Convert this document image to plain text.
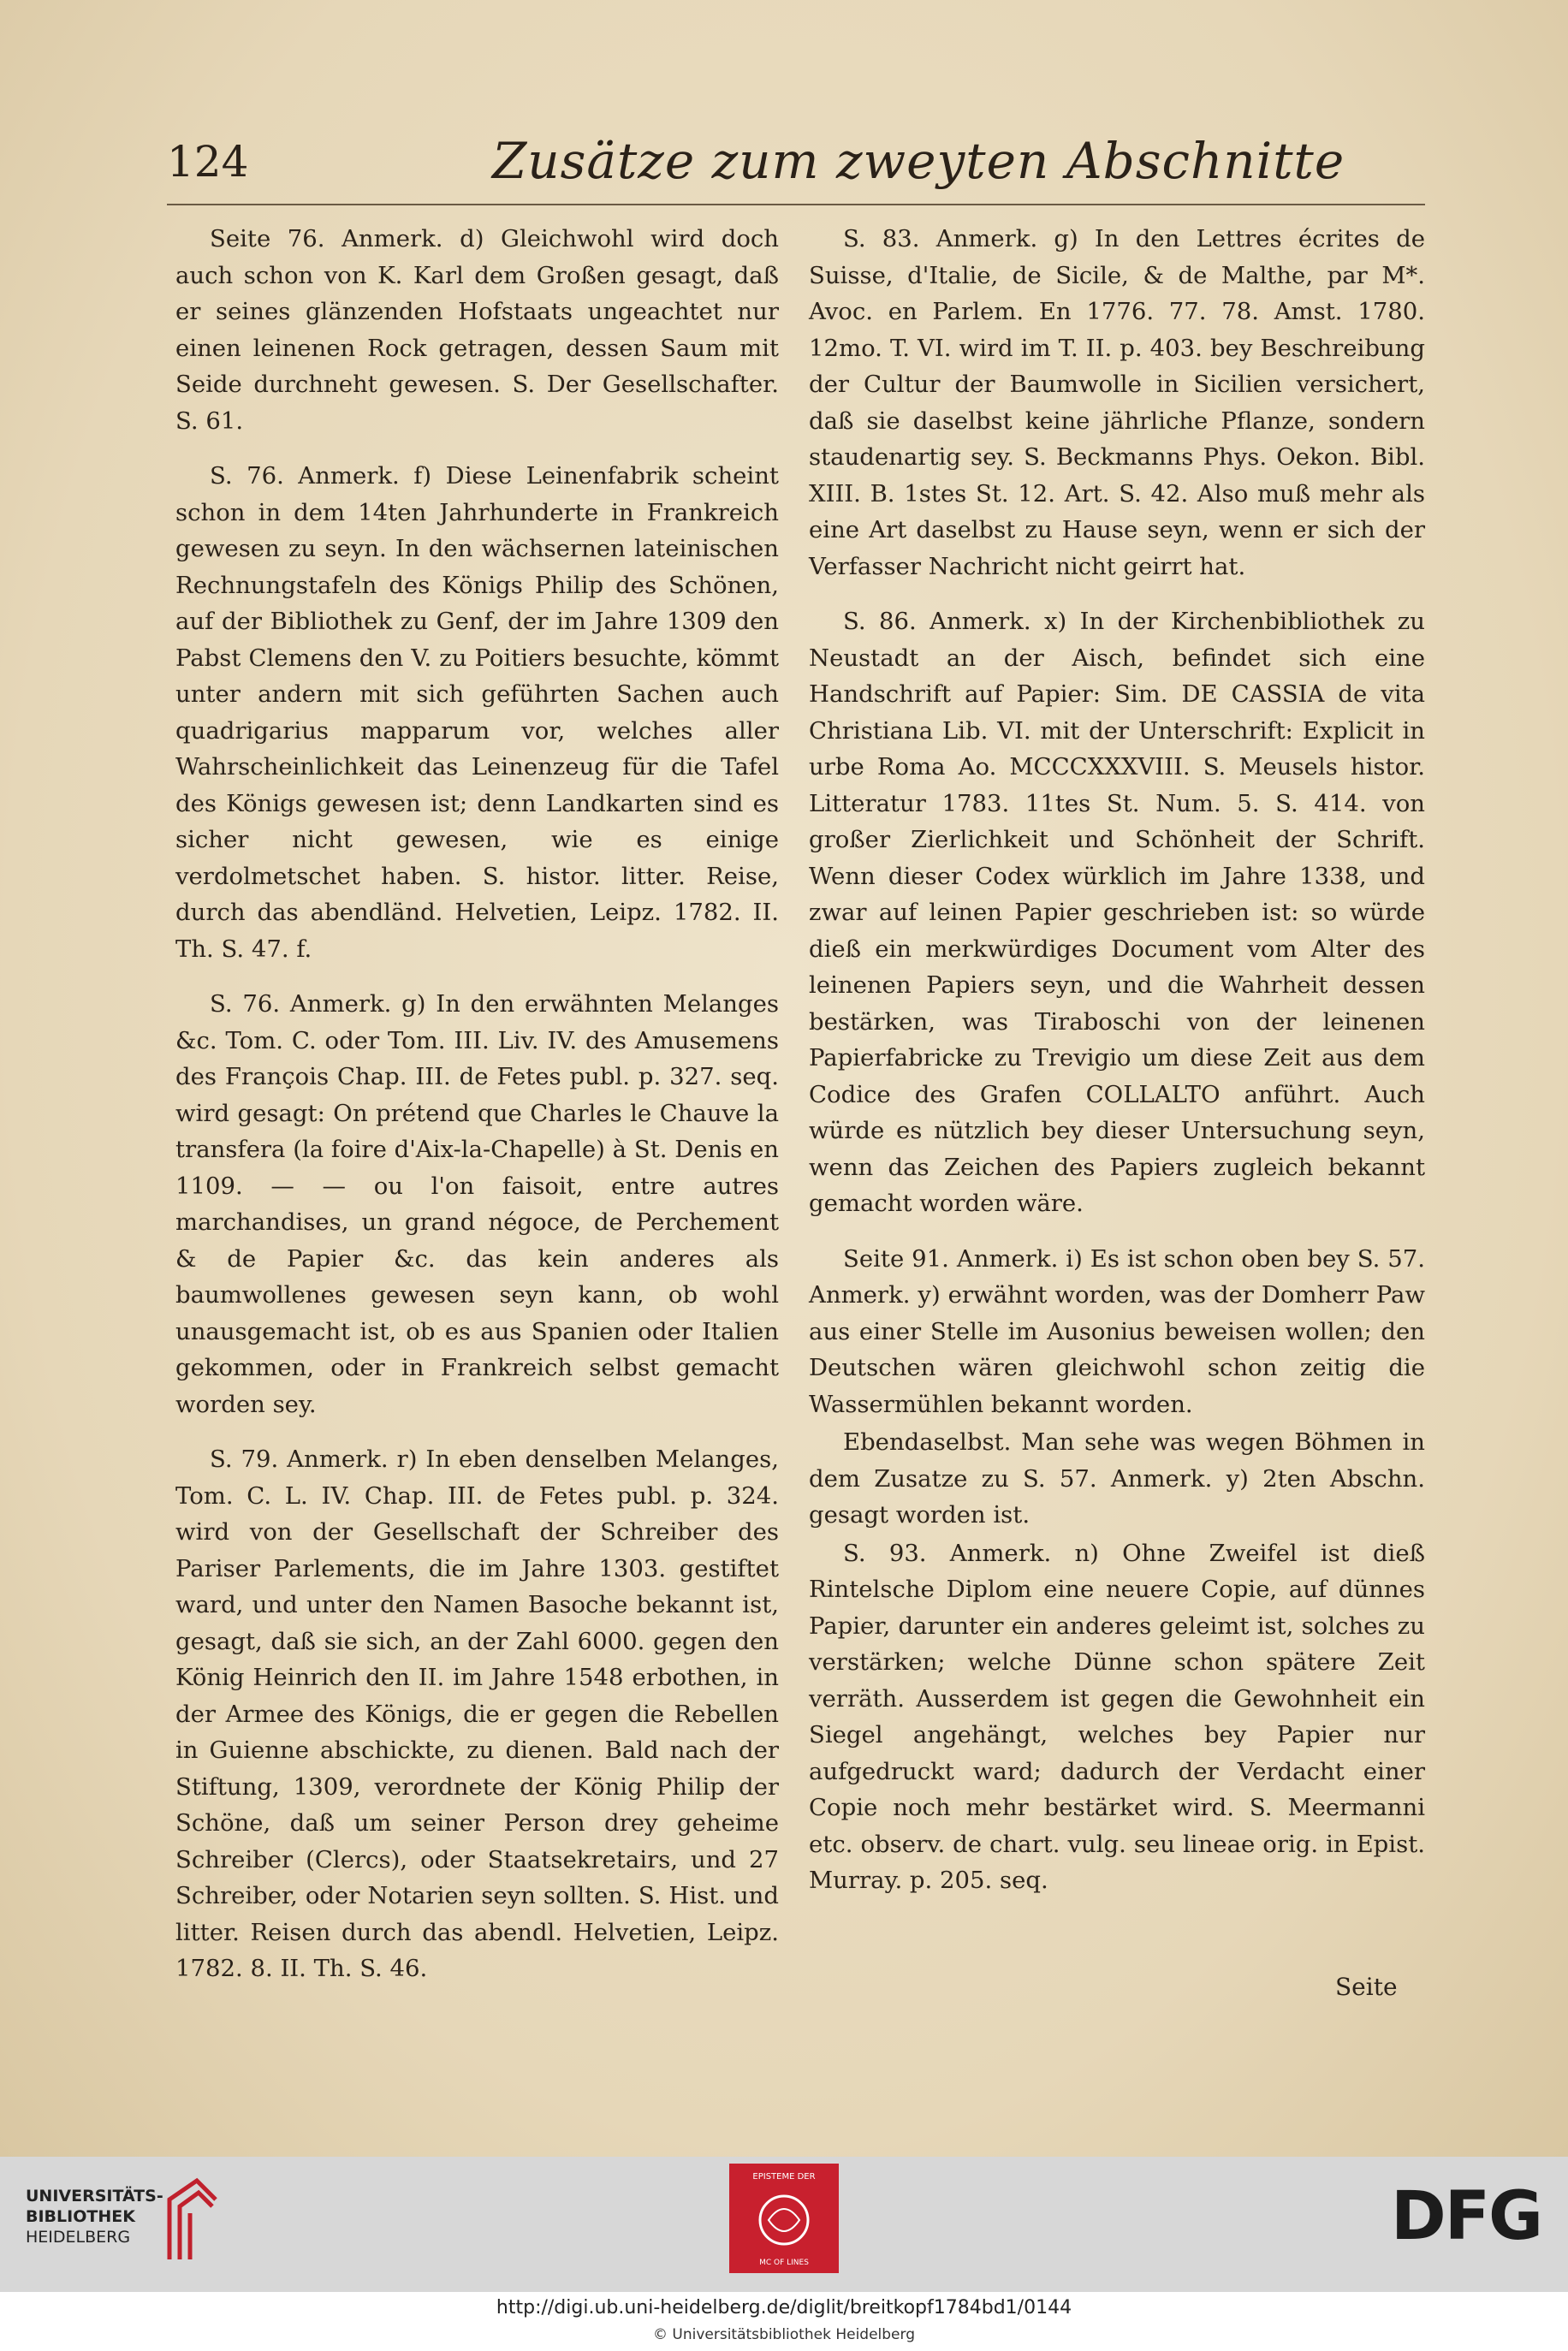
124	Zusätze zum zweyten Abschnitte

Seite 76. Anmerk. d) Gleichwohl wird doch auch schon von K. Karl dem Großen gesagt, daß er seines glänzenden Hofstaats ungeachtet nur einen leinenen Rock getragen, dessen Saum mit Seide durchneht gewesen. S. Der Gesellschafter. S. 61.

S. 76. Anmerk. f) Diese Leinenfabrik scheint schon in dem 14ten Jahrhunderte in Frankreich gewesen zu seyn. In den wächsernen lateinischen Rechnungstafeln des Königs Philip des Schönen, auf der Bibliothek zu Genf, der im Jahre 1309 den Pabst Clemens den V. zu Poitiers besuchte, kömmt unter andern mit sich geführten Sachen auch quadrigarius mapparum vor, welches aller Wahrscheinlichkeit das Leinenzeug für die Tafel des Königs gewesen ist; denn Landkarten sind es sicher nicht gewesen, wie es einige verdolmetschet haben. S. histor. litter. Reise, durch das abendländ. Helvetien, Leipz. 1782. II. Th. S. 47. f.

S. 76. Anmerk. g) In den erwähnten Melanges &c. Tom. C. oder Tom. III. Liv. IV. des Amusemens des François Chap. III. de Fetes publ. p. 327. seq. wird gesagt: On prétend que Charles le Chauve la transfera (la foire d'Aix-la-Chapelle) à St. Denis en 1109. — — ou l'on faisoit, entre autres marchandises, un grand négoce, de Perchement & de Papier &c. das kein anderes als baumwollenes gewesen seyn kann, ob wohl unausgemacht ist, ob es aus Spanien oder Italien gekommen, oder in Frankreich selbst gemacht worden sey.

S. 79. Anmerk. r) In eben denselben Melanges, Tom. C. L. IV. Chap. III. de Fetes publ. p. 324. wird von der Gesellschaft der Schreiber des Pariser Parlements, die im Jahre 1303. gestiftet ward, und unter den Namen Basoche bekannt ist, gesagt, daß sie sich, an der Zahl 6000. gegen den König Heinrich den II. im Jahre 1548 erbothen, in der Armee des Königs, die er gegen die Rebellen in Guienne abschickte, zu dienen. Bald nach der Stiftung, 1309, verordnete der König Philip der Schöne, daß um seiner Person drey geheime Schreiber (Clercs), oder Staatsekretairs, und 27 Schreiber, oder Notarien seyn sollten. S. Hist. und litter. Reisen durch das abendl. Helvetien, Leipz. 1782. 8. II. Th. S. 46.

S. 83. Anmerk. g) In den Lettres écrites de Suisse, d'Italie, de Sicile, & de Malthe, par M*. Avoc. en Parlem. En 1776. 77. 78. Amst. 1780. 12mo. T. VI. wird im T. II. p. 403. bey Beschreibung der Cultur der Baumwolle in Sicilien versichert, daß sie daselbst keine jährliche Pflanze, sondern staudenartig sey. S. Beckmanns Phys. Oekon. Bibl. XIII. B. 1stes St. 12. Art. S. 42. Also muß mehr als eine Art daselbst zu Hause seyn, wenn er sich der Verfasser Nachricht nicht geirrt hat.

S. 86. Anmerk. x) In der Kirchenbibliothek zu Neustadt an der Aisch, befindet sich eine Handschrift auf Papier: Sim. DE CASSIA de vita Christiana Lib. VI. mit der Unterschrift: Explicit in urbe Roma Ao. MCCCXXXVIII. S. Meusels histor. Litteratur 1783. 11tes St. Num. 5. S. 414. von großer Zierlichkeit und Schönheit der Schrift. Wenn dieser Codex würklich im Jahre 1338, und zwar auf leinen Papier geschrieben ist: so würde dieß ein merkwürdiges Document vom Alter des leinenen Papiers seyn, und die Wahrheit dessen bestärken, was Tiraboschi von der leinenen Papierfabricke zu Trevigio um diese Zeit aus dem Codice des Grafen COLLALTO anführt. Auch würde es nützlich bey dieser Untersuchung seyn, wenn das Zeichen des Papiers zugleich bekannt gemacht worden wäre.

Seite 91. Anmerk. i) Es ist schon oben bey S. 57. Anmerk. y) erwähnt worden, was der Domherr Paw aus einer Stelle im Ausonius beweisen wollen; den Deutschen wären gleichwohl schon zeitig die Wassermühlen bekannt worden.

Ebendaselbst. Man sehe was wegen Böhmen in dem Zusatze zu S. 57. Anmerk. y) 2ten Abschn. gesagt worden ist.

S. 93. Anmerk. n) Ohne Zweifel ist dieß Rintelsche Diplom eine neuere Copie, auf dünnes Papier, darunter ein anderes geleimt ist, solches zu verstärken; welche Dünne schon spätere Zeit verräth. Ausserdem ist gegen die Gewohnheit ein Siegel angehängt, welches bey Papier nur aufgedruckt ward; dadurch der Verdacht einer Copie noch mehr bestärket wird. S. Meermanni etc. observ. de chart. vulg. seu lineae orig. in Epist. Murray. p. 205. seq.

Seite
UNIVERSITÄTS-
BIBLIOTHEK
HEIDELBERG
EPISTEME DER
MC OF LINES
DFG
http://digi.ub.uni-heidelberg.de/diglit/breitkopf1784bd1/0144
© Universitätsbibliothek Heidelberg
